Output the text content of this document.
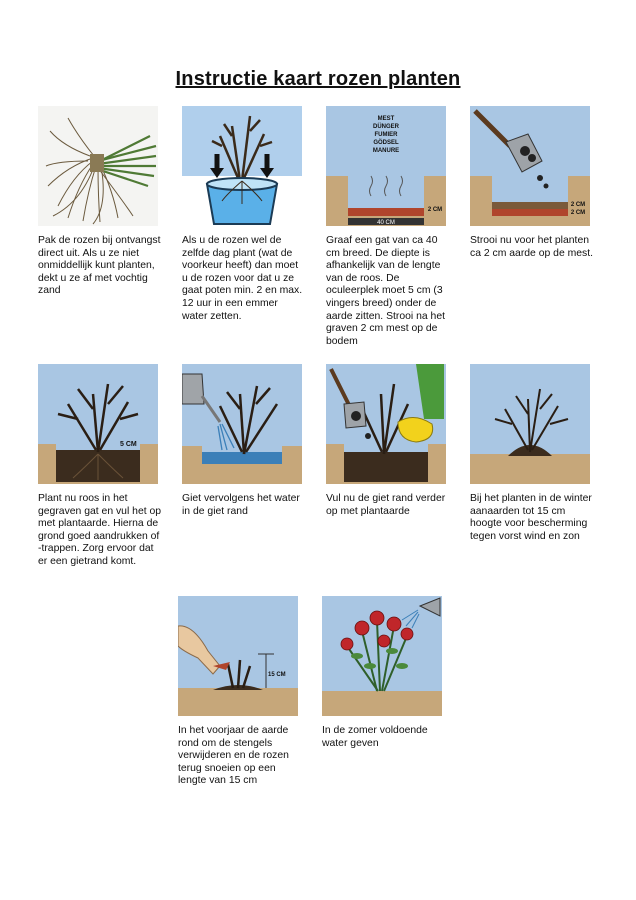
Instructie kaart rozen planten
Pak de rozen bij ontvangst direct uit. Als u ze niet onmiddellijk kunt planten, dekt u ze af met vochtig zand
Als u de rozen wel de zelfde dag plant (wat de voorkeur heeft) dan moet u de rozen voor dat u ze gaat poten min. 2 en max. 12 uur in een emmer water zetten.
MEST
DÜNGER
FUMIER
GÖDSEL
MANURE
40 CM
2 CM
Graaf een gat van ca 40 cm breed. De diepte is afhankelijk van de lengte van de roos. De oculeerplek moet 5 cm (3 vingers breed) onder de aarde zitten. Strooi na het graven 2 cm mest op de bodem
2 CM
2 CM
Strooi nu voor het planten ca 2 cm aarde op de mest.
5 CM
Plant nu roos in het gegraven gat en vul het op met plantaarde. Hierna de grond goed aandrukken of -trappen. Zorg ervoor dat er een gietrand komt.
Giet vervolgens het water in de giet rand
Vul nu de giet rand verder op met plantaarde
Bij het planten in de winter aanaarden tot 15 cm hoogte voor bescherming tegen vorst wind en zon
15 CM
In het voorjaar de aarde rond om de stengels verwijderen en de rozen terug snoeien op een lengte van 15 cm
In de zomer voldoende water geven
